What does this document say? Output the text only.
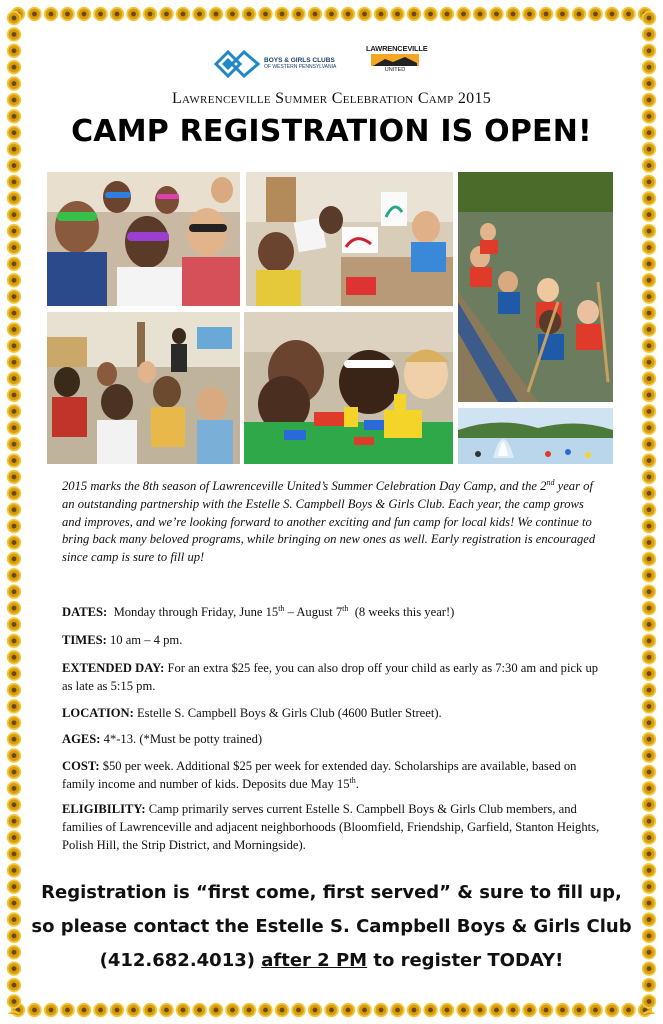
BOYS & GIRLS CLUBS
OF WESTERN PENNSYLVANIA
LAWRENCEVILLE
UNITED
Lawrenceville Summer Celebration Camp 2015
CAMP REGISTRATION IS OPEN!
2015 marks the 8th season of Lawrenceville United’s Summer Celebration Day Camp, and the 2nd year of an outstanding partnership with the Estelle S. Campbell Boys & Girls Club. Each year, the camp grows and improves, and we’re looking forward to another exciting and fun camp for local kids! We continue to bring back many beloved programs, while bringing on new ones as well. Early registration is encouraged since camp is sure to fill up!
DATES:  Monday through Friday, June 15th – August 7th  (8 weeks this year!)
TIMES: 10 am – 4 pm.
EXTENDED DAY: For an extra $25 fee, you can also drop off your child as early as 7:30 am and pick up as late as 5:15 pm.
LOCATION: Estelle S. Campbell Boys & Girls Club (4600 Butler Street).
AGES: 4*-13. (*Must be potty trained)
COST: $50 per week. Additional $25 per week for extended day. Scholarships are available, based on family income and number of kids. Deposits due May 15th.
ELIGIBILITY: Camp primarily serves current Estelle S. Campbell Boys & Girls Club members, and families of Lawrenceville and adjacent neighborhoods (Bloomfield, Friendship, Garfield, Stanton Heights, Polish Hill, the Strip District, and Morningside).
Registration is “first come, first served” & sure to fill up, so please contact the Estelle S. Campbell Boys & Girls Club (412.682.4013) after 2 PM to register TODAY!
